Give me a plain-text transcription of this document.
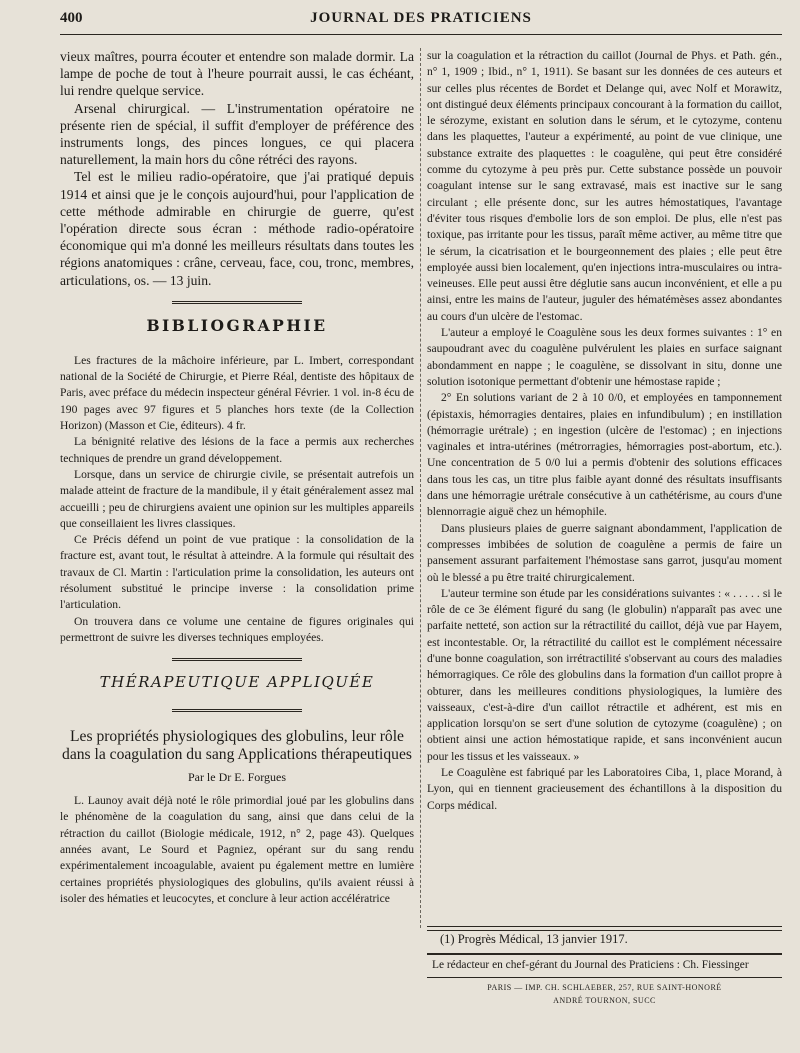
400	JOURNAL DES PRATICIENS

vieux maîtres, pourra écouter et entendre son malade dormir. La lampe de poche de tout à l'heure pourrait aussi, le cas échéant, lui rendre quelque service.

Arsenal chirurgical. — L'instrumentation opératoire ne présente rien de spécial, il suffit d'employer de préférence des instruments longs, des pinces longues, ce qui placera naturellement, la main hors du cône rétréci des rayons.

Tel est le milieu radio-opératoire, que j'ai pratiqué depuis 1914 et ainsi que je le conçois aujourd'hui, pour l'application de cette méthode admirable en chirurgie de guerre, qu'est l'opération directe sous écran : méthode radio-opératoire économique qui m'a donné les meilleurs résultats dans toutes les régions anatomiques : crâne, cerveau, face, cou, tronc, membres, articulations, os. — 13 juin.

BIBLIOGRAPHIE

Les fractures de la mâchoire inférieure, par L. Imbert, correspondant national de la Société de Chirurgie, et Pierre Réal, dentiste des hôpitaux de Paris, avec préface du médecin inspecteur général Février. 1 vol. in-8 écu de 190 pages avec 97 figures et 5 planches hors texte (de la Collection Horizon) (Masson et Cie, éditeurs). 4 fr.

La bénignité relative des lésions de la face a permis aux recherches techniques de prendre un grand développement.

Lorsque, dans un service de chirurgie civile, se présentait autrefois un malade atteint de fracture de la mandibule, il y était généralement assez mal accueilli ; peu de chirurgiens avaient une opinion sur les multiples appareils que conseillaient les livres classiques.

Ce Précis défend un point de vue pratique : la consolidation de la fracture est, avant tout, le résultat à atteindre. A la formule qui résultait des travaux de Cl. Martin : l'articulation prime la consolidation, les auteurs ont résolument substitué le principe inverse : la consolidation prime l'articulation.

On trouvera dans ce volume une centaine de figures originales qui permettront de suivre les diverses techniques employées.

THÉRAPEUTIQUE APPLIQUÉE
Les propriétés physiologiques des globulins, leur rôle dans la coagulation du sang Applications thérapeutiques
Par le Dr E. Forgues

L. Launoy avait déjà noté le rôle primordial joué par les globulins dans le phénomène de la coagulation du sang, ainsi que dans celui de la rétraction du caillot (Biologie médicale, 1912, n° 2, page 43). Quelques années avant, Le Sourd et Pagniez, opérant sur du sang rendu expérimentalement incoagulable, avaient pu également mettre en lumière certaines propriétés physiologiques des globulins, qu'ils avaient réussi à isoler des hématies et leucocytes, et conclure à leur action accélératrice

sur la coagulation et la rétraction du caillot (Journal de Phys. et Path. gén., n° 1, 1909 ; Ibid., n° 1, 1911). Se basant sur les données de ces auteurs et sur celles plus récentes de Bordet et Delange qui, avec Nolf et Morawitz, ont distingué deux éléments principaux concourant à la formation du caillot, le sérozyme, existant en solution dans le sérum, et le cytozyme, contenu dans les plaquettes, l'auteur a expérimenté, au point de vue clinique, une substance extraite des plaquettes : le coagulène, qui peut être considéré comme du cytozyme à peu près pur. Cette substance possède un pouvoir coagulant intense sur le sang extravasé, mais est inactive sur le sang circulant ; elle présente donc, sur les autres hémostatiques, l'avantage d'éviter tous risques d'embolie lors de son emploi. De plus, elle n'est pas toxique, pas irritante pour les tissus, paraît même activer, au même titre que le sérum, la cicatrisation et le bourgeonnement des plaies ; elle peut être employée aussi bien localement, qu'en injections intra-musculaires ou intra-veineuses. Elle peut aussi être déglutie sans aucun inconvénient, et elle a pu ainsi, entre les mains de l'auteur, juguler des hématémèses assez abondantes au cours d'un ulcère de l'estomac.

L'auteur a employé le Coagulène sous les deux formes suivantes : 1° en saupoudrant avec du coagulène pulvérulent les plaies en surface saignant abondamment en nappe ; le coagulène, se dissolvant in situ, donne une solution isotonique permettant d'obtenir une hémostase rapide ;

2° En solutions variant de 2 à 10 0/0, et employées en tamponnement (épistaxis, hémorragies dentaires, plaies en infundibulum) ; en instillation (hémorragie urétrale) ; en ingestion (ulcère de l'estomac) ; en injections vaginales et intra-utérines (métrorragies, hémorragies post-abortum, etc.). Une concentration de 5 0/0 lui a permis d'obtenir des solutions efficaces dans tous les cas, un titre plus faible ayant donné des résultats insuffisants dans une hémorragie urétrale consécutive à un cathétérisme, au cours d'une blennorragie aiguë chez un hémophile.

Dans plusieurs plaies de guerre saignant abondamment, l'application de compresses imbibées de solution de coagulène a permis de faire un pansement assurant parfaitement l'hémostase sans garrot, jusqu'au moment où le blessé a pu être traité chirurgicalement.

L'auteur termine son étude par les considérations suivantes : « . . . . . si le rôle de ce 3e élément figuré du sang (le globulin) n'apparaît pas avec une parfaite netteté, son action sur la rétractilité du caillot, déjà vue par Hayem, est incontestable. Or, la rétractilité du caillot est le complément nécessaire d'une bonne coagulation, son irrétractilité s'observant au cours des maladies hémorragiques. Ce rôle des globulins dans la formation d'un caillot propre à obturer, dans les meilleures conditions physiologiques, la lumière des vaisseaux, c'est-à-dire d'un caillot rétractile et adhérent, est mis en application lorsqu'on se sert d'une solution de cytozyme (coagulène) ; on obtient ainsi une action hémostatique rapide, et sans inconvénient aucun pour les tissus et les vaisseaux. »

Le Coagulène est fabriqué par les Laboratoires Ciba, 1, place Morand, à Lyon, qui en tiennent gracieusement des échantillons à la disposition du Corps médical.

(1) Progrès Médical, 13 janvier 1917.
Le rédacteur en chef-gérant du Journal des Praticiens : Ch. Fiessinger
PARIS — IMP. CH. SCHLAEBER, 257, RUE SAINT-HONORÉ
ANDRÉ TOURNON, SUCC
